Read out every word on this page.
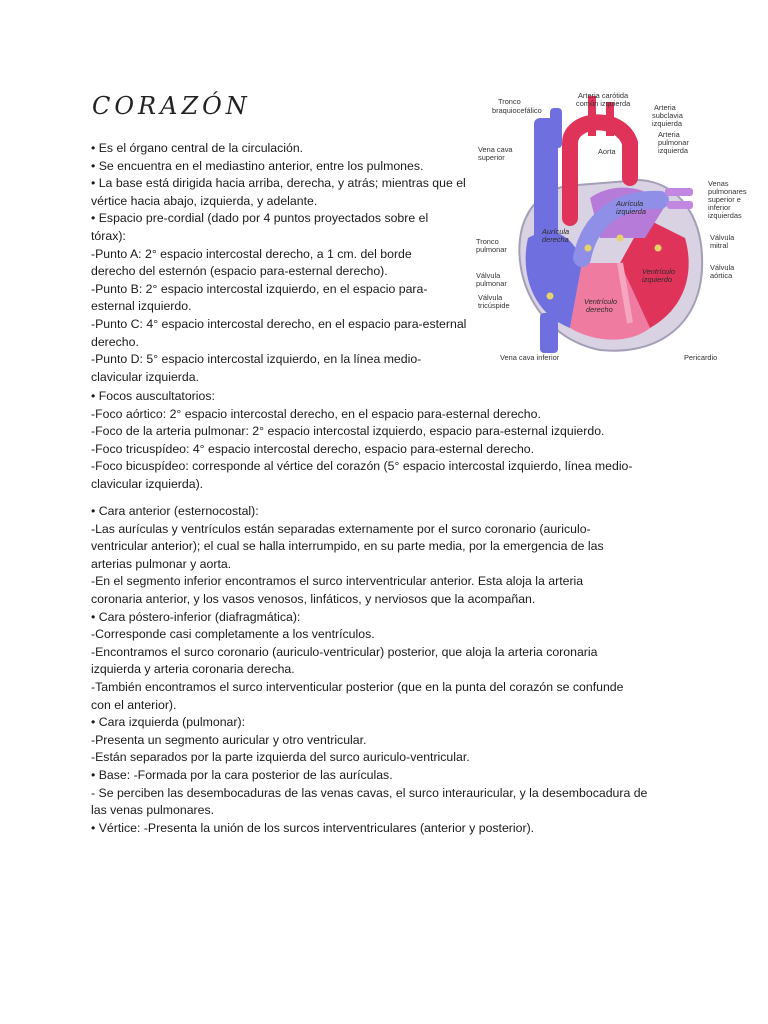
CORAZÓN

• Es el órgano central de la circulación.

• Se encuentra en el mediastino anterior, entre los pulmones.

• La base está dirigida hacia arriba, derecha, y atrás; mientras que el

vértice hacia abajo, izquierda, y adelante.

• Espacio pre-cordial (dado por 4 puntos proyectados sobre el

tórax):

-Punto A: 2° espacio intercostal derecho, a 1 cm. del borde

derecho del esternón (espacio para-esternal derecho).

-Punto B: 2° espacio intercostal izquierdo, en el espacio para-

esternal izquierdo.

-Punto C: 4° espacio intercostal derecho, en el espacio para-esternal

derecho.

-Punto D: 5° espacio intercostal izquierdo, en la línea medio-

clavicular izquierda.

Tronco
braquiocefálico
Arteria carótida
común izquierda	Arteria
subclavia
izquierda
Arteria
pulmonar
izquierda
Aorta
Vena cava
superior
Venas
pulmonares
superior e
inferior
izquierdas
Aurícula
izquierda
Aurícula
derecha
Tronco
pulmonar
Válvula
mitral
Válvula
pulmonar
Ventrículo
izquierdo
Válvula
aórtica
Válvula
tricúspide	Ventrículo
derecho
Vena cava inferior	Pericardio

• Focos auscultatorios:

-Foco aórtico: 2° espacio intercostal derecho, en el espacio para-esternal derecho.

-Foco de la arteria pulmonar: 2° espacio intercostal izquierdo, espacio para-esternal izquierdo.

-Foco tricuspídeo: 4° espacio intercostal derecho, espacio para-esternal derecho.

-Foco bicuspídeo: corresponde al vértice del corazón (5° espacio intercostal izquierdo, línea medio-

clavicular izquierda).

• Cara anterior (esternocostal):

-Las aurículas y ventrículos están separadas externamente por el surco coronario (auriculo-

ventricular anterior); el cual se halla interrumpido, en su parte media, por la emergencia de las

arterias pulmonar y aorta.

-En el segmento inferior encontramos el surco interventricular anterior. Esta aloja la arteria

coronaria anterior, y los vasos venosos, linfáticos, y nerviosos que la acompañan.

• Cara póstero-inferior (diafragmática):

-Corresponde casi completamente a los ventrículos.

-Encontramos el surco coronario (auriculo-ventricular) posterior, que aloja la arteria coronaria

izquierda y arteria coronaria derecha.

-También encontramos el surco interventicular posterior (que en la punta del corazón se confunde

con el anterior).

• Cara izquierda (pulmonar):

-Presenta un segmento auricular y otro ventricular.

-Están separados por la parte izquierda del surco auriculo-ventricular.

• Base: -Formada por la cara posterior de las aurículas.

- Se perciben las desembocaduras de las venas cavas, el surco interauricular, y la desembocadura de

las venas pulmonares.

• Vértice: -Presenta la unión de los surcos interventriculares (anterior y posterior).
